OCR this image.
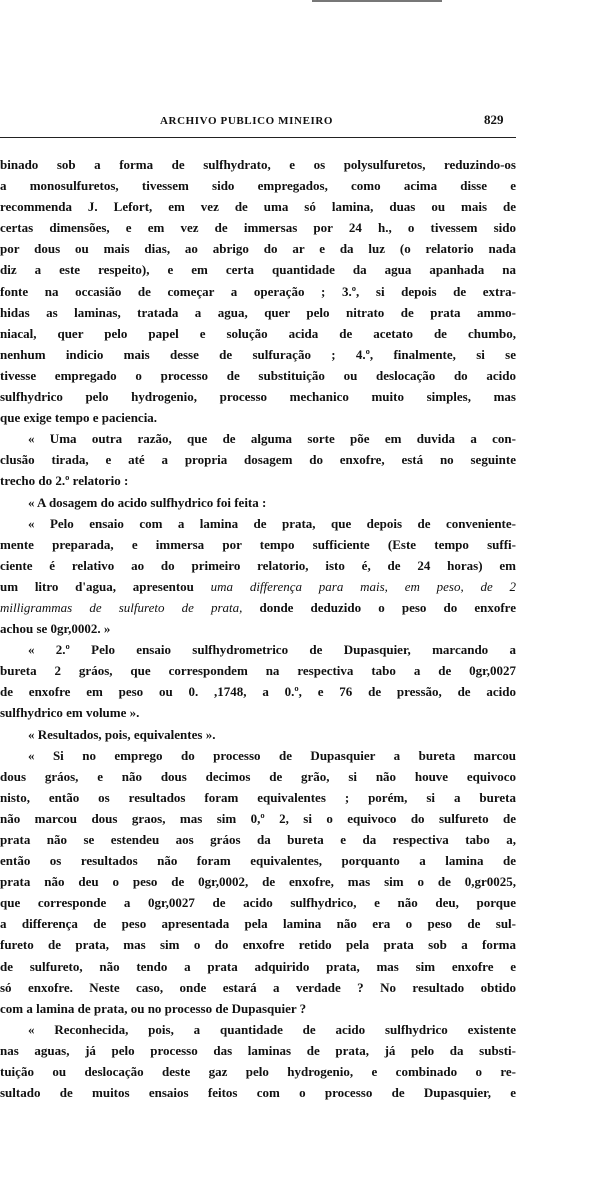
ARCHIVO PUBLICO MINEIRO	829
binado sob a forma de sulfhydrato, e os polysulfuretos, reduzindo-os
a monosulfuretos, tivessem sido empregados, como acima disse e
recommenda J. Lefort, em vez de uma só lamina, duas ou mais de
certas dimensões, e em vez de immersas por 24 h., o tivessem sido
por dous ou mais dias, ao abrigo do ar e da luz (o relatorio nada
diz a este respeito), e em certa quantidade da agua apanhada na
fonte na occasião de começar a operação ; 3.º, si depois de extra-
hidas as laminas, tratada a agua, quer pelo nitrato de prata ammo-
niacal, quer pelo papel e solução acida de acetato de chumbo,
nenhum indicio mais desse de sulfuração ; 4.º, finalmente, si se
tivesse empregado o processo de substituição ou deslocação do acido
sulfhydrico pelo hydrogenio, processo mechanico muito simples, mas
que exige tempo e paciencia.
« Uma outra razão, que de alguma sorte põe em duvida a con-
clusão tirada, e até a propria dosagem do enxofre, está no seguinte
trecho do 2.º relatorio :
« A dosagem do acido sulfhydrico foi feita :
« Pelo ensaio com a lamina de prata, que depois de conveniente-
mente preparada, e immersa por tempo sufficiente (Este tempo suffi-
ciente é relativo ao do primeiro relatorio, isto é, de 24 horas) em
um litro d'agua, apresentou uma differença para mais, em peso, de 2
milligrammas de sulfureto de prata, donde deduzido o peso do enxofre
achou se 0gr,0002. »
« 2.º Pelo ensaio sulfhydrometrico de Dupasquier, marcando a
bureta 2 gráos, que correspondem na respectiva tabo a de 0gr,0027
de enxofre em peso ou 0. ,1748, a 0.º, e 76 de pressão, de acido
sulfhydrico em volume ».
« Resultados, pois, equivalentes ».
« Si no emprego do processo de Dupasquier a bureta marcou
dous gráos, e não dous decimos de grão, si não houve equivoco
nisto, então os resultados foram equivalentes ; porém, si a bureta
não marcou dous graos, mas sim 0,º 2, si o equivoco do sulfureto de
prata não se estendeu aos gráos da bureta e da respectiva tabo a,
então os resultados não foram equivalentes, porquanto a lamina de
prata não deu o peso de 0gr,0002, de enxofre, mas sim o de 0,gr0025,
que corresponde a 0gr,0027 de acido sulfhydrico, e não deu, porque
a differença de peso apresentada pela lamina não era o peso de sul-
fureto de prata, mas sim o do enxofre retido pela prata sob a forma
de sulfureto, não tendo a prata adquirido prata, mas sim enxofre e
só enxofre. Neste caso, onde estará a verdade ? No resultado obtido
com a lamina de prata, ou no processo de Dupasquier ?
« Reconhecida, pois, a quantidade de acido sulfhydrico existente
nas aguas, já pelo processo das laminas de prata, já pelo da substi-
tuição ou deslocação deste gaz pelo hydrogenio, e combinado o re-
sultado de muitos ensaios feitos com o processo de Dupasquier, e
